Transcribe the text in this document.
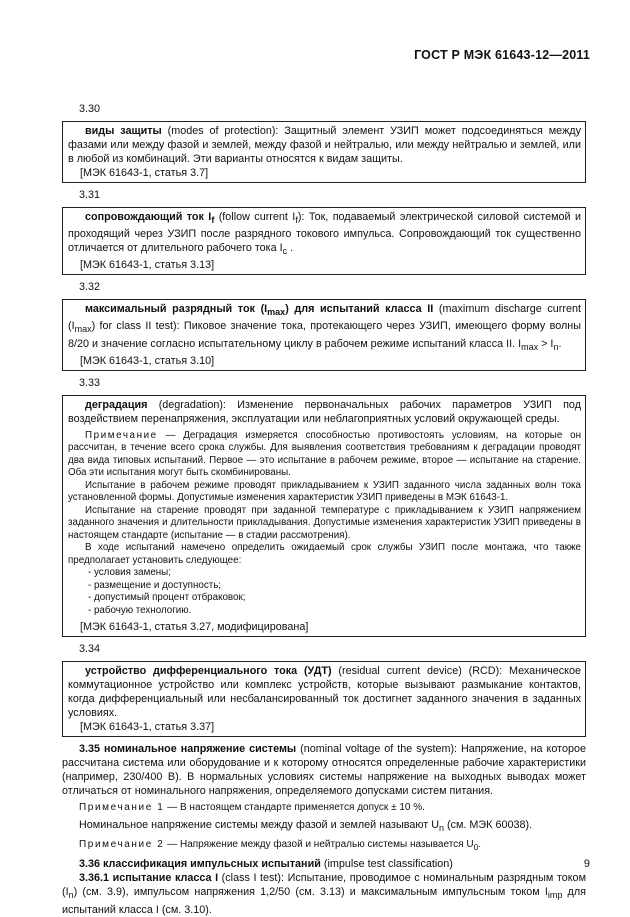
ГОСТ Р МЭК 61643-12—2011
3.30

виды защиты (modes of protection): Защитный элемент УЗИП может подсоединяться между фазами или между фазой и землей, между фазой и нейтралью, или между нейтралью и землей, или в любой из комбинаций. Эти варианты относятся к видам защиты.

[МЭК 61643-1, статья 3.7]

3.31

сопровождающий ток $I_f$ (follow current $I_f$): Ток, подаваемый электрической силовой системой и проходящий через УЗИП после разрядного токового импульса. Сопровождающий ток существенно отличается от длительного рабочего тока $I_c$ .

[МЭК 61643-1, статья 3.13]

3.32

максимальный разрядный ток $(I_{max})$ для испытаний класса II (maximum discharge current $(I_{max})$ for class II test): Пиковое значение тока, протекающего через УЗИП, имеющего форму волны 8/20 и значение согласно испытательному циклу в рабочем режиме испытаний класса II. $I_{max} > I_n$.

[МЭК 61643-1, статья 3.10]

3.33

деградация (degradation): Изменение первоначальных рабочих параметров УЗИП под воздействием перенапряжения, эксплуатации или неблагоприятных условий окружающей среды.

Примечание — Деградация измеряется способностью противостоять условиям, на которые он рассчитан, в течение всего срока службы. Для выявления соответствия требованиям к деградации проводят два вида типовых испытаний. Первое — это испытание в рабочем режиме, второе — испытание на старение. Оба эти испытания могут быть скомбинированы.

Испытание в рабочем режиме проводят прикладыванием к УЗИП заданного числа заданных волн тока установленной формы. Допустимые изменения характеристик УЗИП приведены в МЭК 61643-1.

Испытание на старение проводят при заданной температуре с прикладыванием к УЗИП напряжением заданного значения и длительности прикладывания. Допустимые изменения характеристик УЗИП приведены в настоящем стандарте (испытание — в стадии рассмотрения).

В ходе испытаний намечено определить ожидаемый срок службы УЗИП после монтажа, что также предполагает установить следующее:

- условия замены;

- размещение и доступность;

- допустимый процент отбраковок;

- рабочую технологию.

[МЭК 61643-1, статья 3.27, модифицирована]

3.34

устройство дифференциального тока (УДТ) (residual current device) (RCD): Механическое коммутационное устройство или комплекс устройств, которые вызывают размыкание контактов, когда дифференциальный или несбалансированный ток достигнет заданного значения в заданных условиях.

[МЭК 61643-1, статья 3.37]

3.35 номинальное напряжение системы (nominal voltage of the system): Напряжение, на которое рассчитана система или оборудование и к которому относятся определенные рабочие характеристики (например, 230/400 В). В нормальных условиях системы напряжение на выходных выводах может отличаться от номинального напряжения, определяемого допусками систем питания.

Примечание 1 — В настоящем стандарте применяется допуск ± 10 %.

Номинальное напряжение системы между фазой и землей называют $U_n$ (см. МЭК 60038).

Примечание 2 — Напряжение между фазой и нейтралью системы называется $U_0$.

3.36 классификация импульсных испытаний (impulse test classification)

3.36.1 испытание класса I (class I test): Испытание, проводимое с номинальным разрядным током $(I_n)$ (см. 3.9), импульсом напряжения 1,2/50 (см. 3.13) и максимальным импульсным током $I_{imp}$ для испытаний класса I (см. 3.10).

9
